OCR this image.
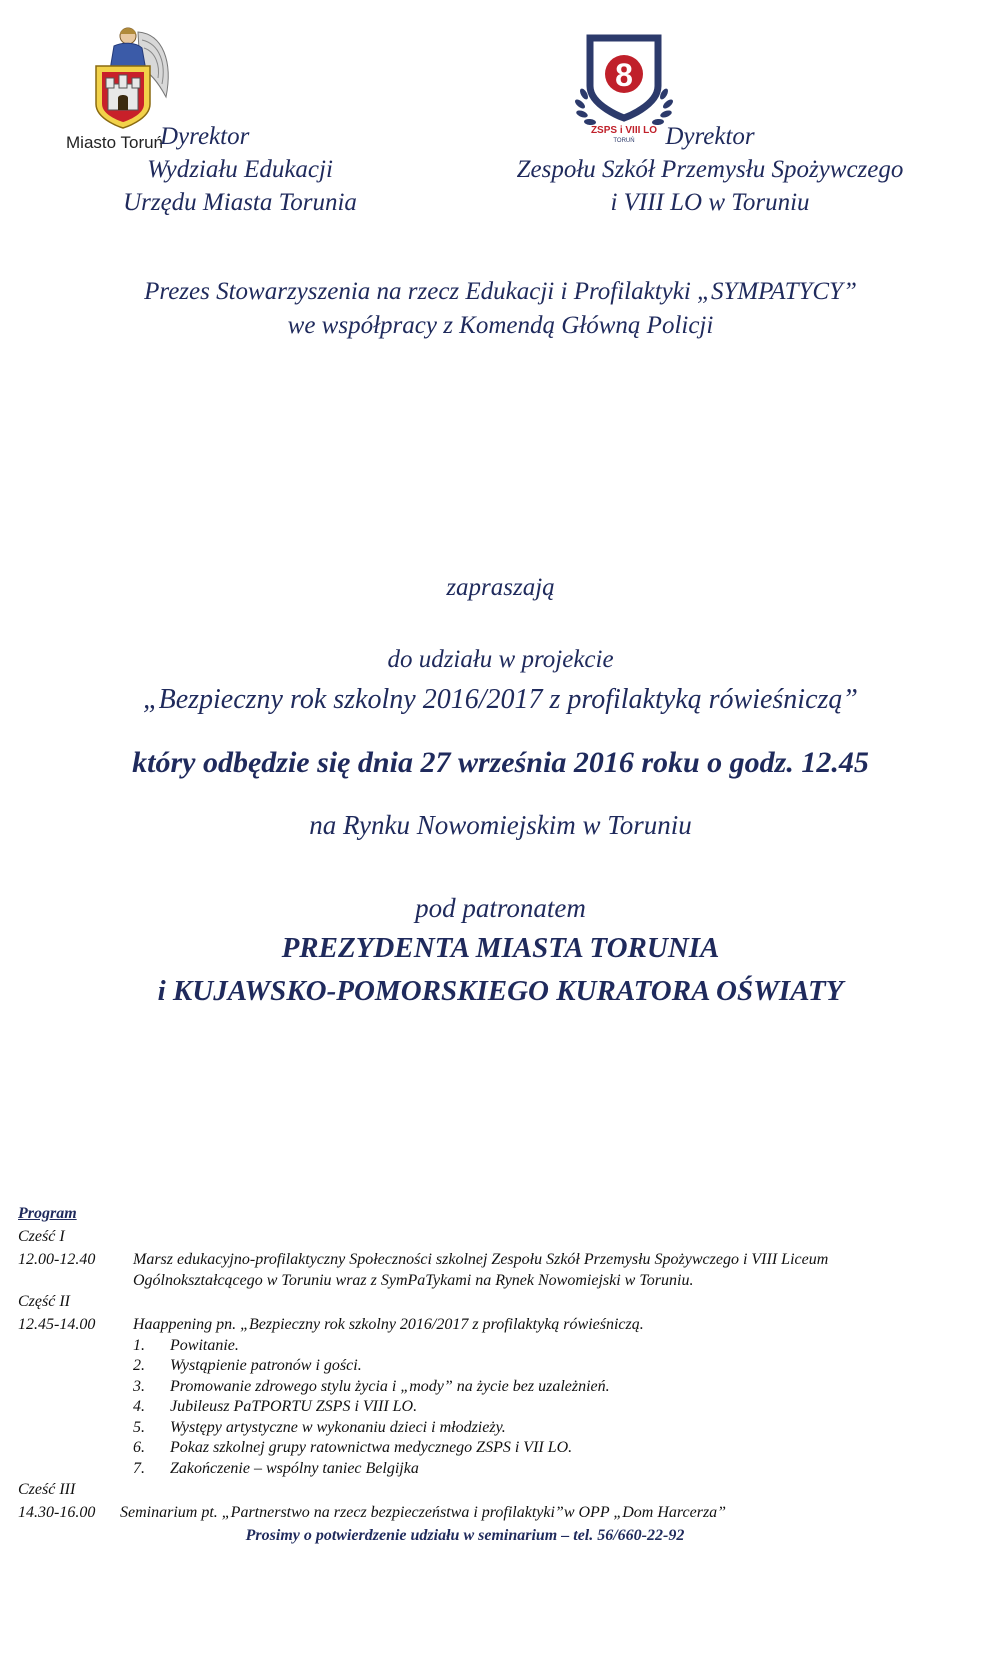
Miasto Toruń
Dyrektor
Wydziału Edukacji
Urzędu Miasta Torunia
8
ZSPS i VIII LO
TORUŃ	Dyrektor
Zespołu Szkół Przemysłu Spożywczego
i VIII LO w Toruniu
Prezes Stowarzyszenia na rzecz Edukacji i Profilaktyki „SYMPATYCY”
we współpracy z Komendą Główną Policji
zapraszają
do udziału w projekcie
„Bezpieczny rok szkolny 2016/2017 z profilaktyką rówieśniczą”
który odbędzie się dnia 27 września 2016 roku o godz. 12.45
na Rynku Nowomiejskim w Toruniu
pod patronatem
PREZYDENTA MIASTA TORUNIA
i KUJAWSKO-POMORSKIEGO KURATORA OŚWIATY
Program
Cześć I
12.00-12.40 Marsz edukacyjno-profilaktyczny Społeczności szkolnej Zespołu Szkół Przemysłu Spożywczego i VIII Liceum
Ogólnokształcącego w Toruniu wraz z SymPaTykami na Rynek Nowomiejski w Toruniu.
Część II
12.45-14.00 Haappening pn. „Bezpieczny rok szkolny 2016/2017 z profilaktyką rówieśniczą.
1. Powitanie.
2. Wystąpienie patronów i gości.
3. Promowanie zdrowego stylu życia i „mody” na życie bez uzależnień.
4. Jubileusz PaTPORTU ZSPS i VIII LO.
5. Występy artystyczne w wykonaniu dzieci i młodzieży.
6. Pokaz szkolnej grupy ratownictwa medycznego ZSPS i VII LO.
7. Zakończenie – wspólny taniec Belgijka
Cześć III
14.30-16.00 Seminarium pt. „Partnerstwo na rzecz bezpieczeństwa i profilaktyki”w OPP „Dom Harcerza”
Prosimy o potwierdzenie udziału w seminarium – tel. 56/660-22-92
